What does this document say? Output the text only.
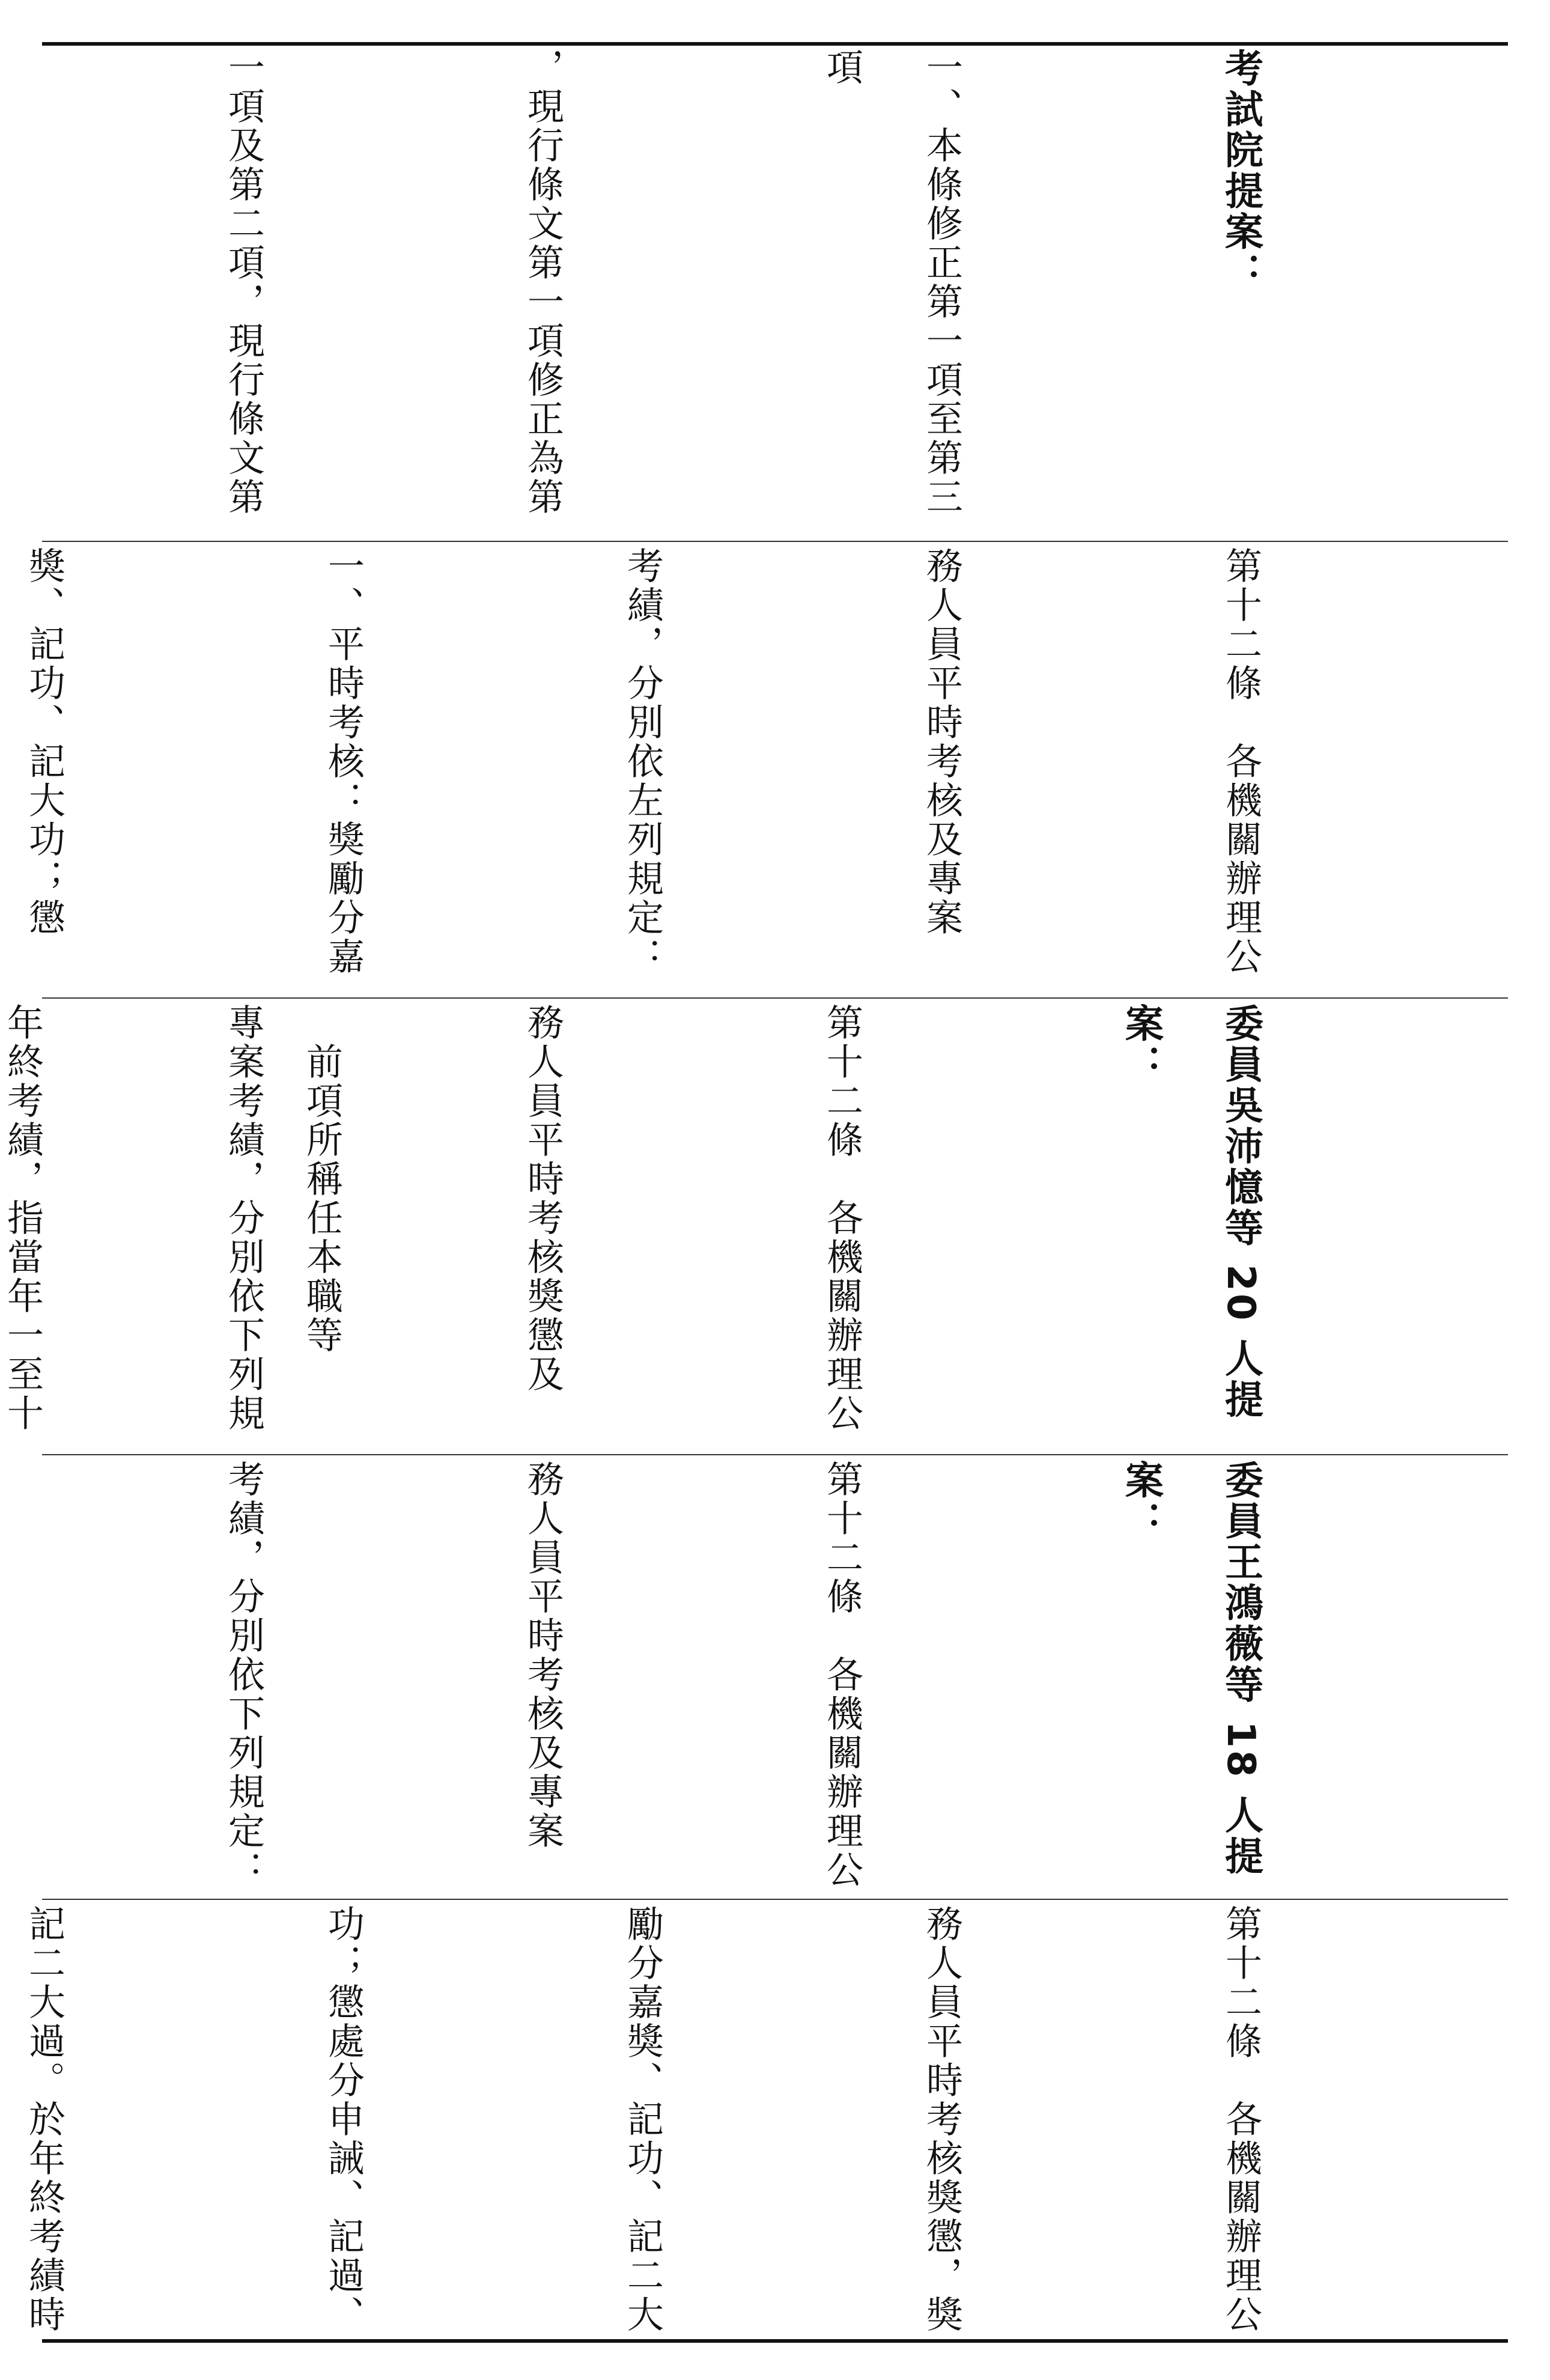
考試院提案：

一、本條修正第一項至第三項

，現行條文第一項修正為第

一項及第二項，現行條文第

第十二條　各機關辦理公

務人員平時考核及專案

考績，分別依左列規定：

一、平時考核：獎勵分嘉

獎、記功、記大功；懲

委員吳沛憶等 20 人提案：

第十二條　各機關辦理公

務人員平時考核獎懲及

專案考績，分別依下列規

　前項所稱任本職等

年終考績，指當年一至十

委員王鴻薇等 18 人提案：

第十二條　各機關辦理公

務人員平時考核及專案

考績，分別依下列規定：

第十二條　各機關辦理公

務人員平時考核獎懲，獎

勵分嘉獎、記功、記二大

功；懲處分申誡、記過、

記二大過。於年終考績時
